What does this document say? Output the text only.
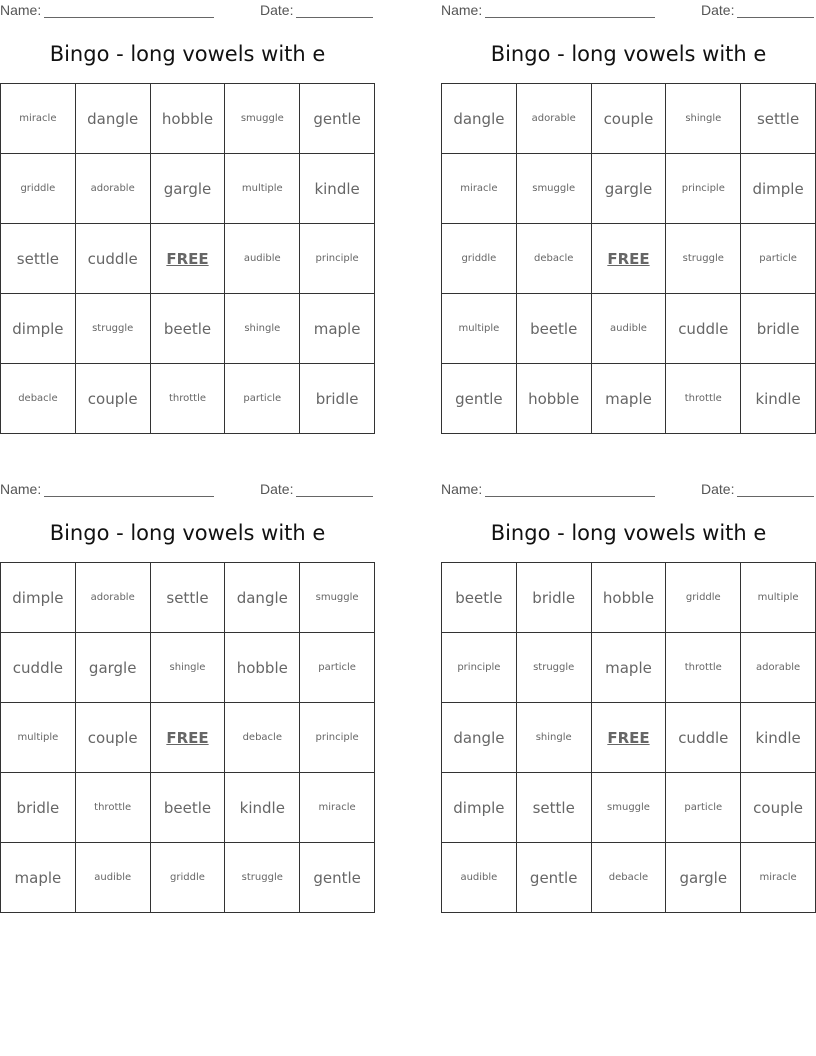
Name:	Date:
Bingo - long vowels with e
miracle	dangle	hobble	smuggle	gentle
griddle	adorable	gargle	multiple	kindle
settle	cuddle	FREE	audible	principle
dimple	struggle	beetle	shingle	maple
debacle	couple	throttle	particle	bridle
Name:	Date:
Bingo - long vowels with e
dangle	adorable	couple	shingle	settle
miracle	smuggle	gargle	principle	dimple
griddle	debacle	FREE	struggle	particle
multiple	beetle	audible	cuddle	bridle
gentle	hobble	maple	throttle	kindle
Name:	Date:
Bingo - long vowels with e
dimple	adorable	settle	dangle	smuggle
cuddle	gargle	shingle	hobble	particle
multiple	couple	FREE	debacle	principle
bridle	throttle	beetle	kindle	miracle
maple	audible	griddle	struggle	gentle
Name:	Date:
Bingo - long vowels with e
beetle	bridle	hobble	griddle	multiple
principle	struggle	maple	throttle	adorable
dangle	shingle	FREE	cuddle	kindle
dimple	settle	smuggle	particle	couple
audible	gentle	debacle	gargle	miracle
